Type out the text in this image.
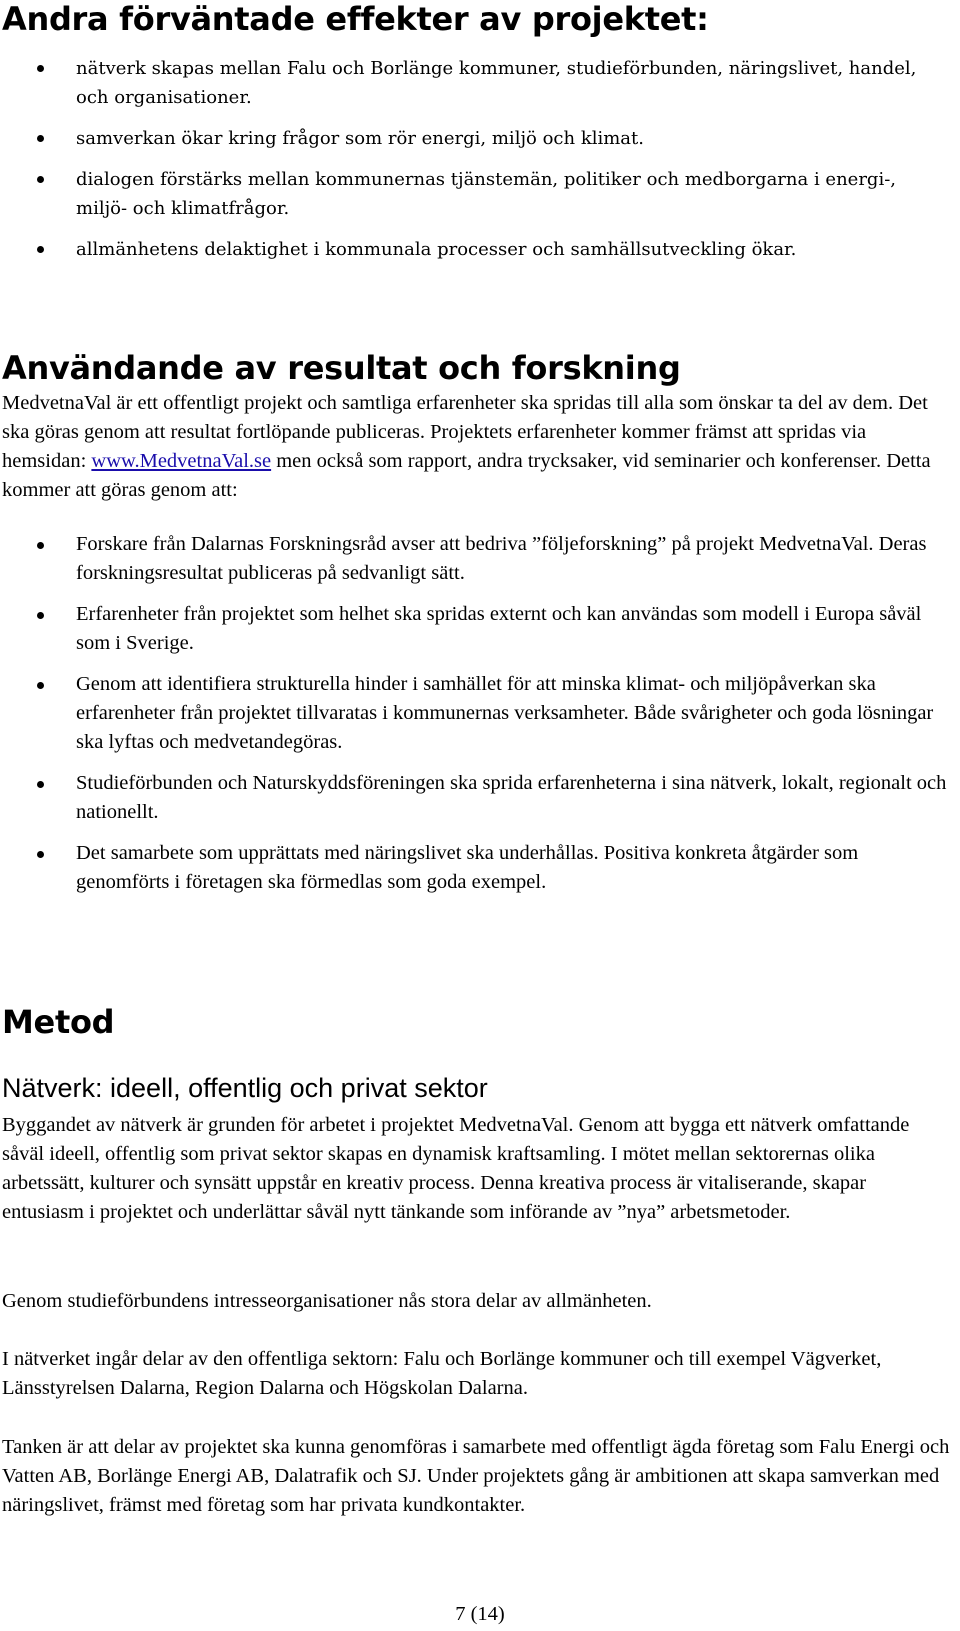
Andra förväntade effekter av projektet:
nätverk skapas mellan Falu och Borlänge kommuner, studieförbunden, näringslivet, handel, och organisationer.
samverkan ökar kring frågor som rör energi, miljö och klimat.
dialogen förstärks mellan kommunernas tjänstemän, politiker och medborgarna i energi-, miljö- och klimatfrågor.
allmänhetens delaktighet i kommunala processer och samhällsutveckling ökar.
Användande av resultat och forskning

MedvetnaVal är ett offentligt projekt och samtliga erfarenheter ska spridas till alla som önskar ta del av dem. Det ska göras genom att resultat fortlöpande publiceras. Projektets erfarenheter kommer främst att spridas via hemsidan: www.MedvetnaVal.se men också som rapport, andra trycksaker, vid seminarier och konferenser. Detta kommer att göras genom att:

Forskare från Dalarnas Forskningsråd avser att bedriva ”följeforskning” på projekt MedvetnaVal. Deras forskningsresultat publiceras på sedvanligt sätt.
Erfarenheter från projektet som helhet ska spridas externt och kan användas som modell i Europa såväl som i Sverige.
Genom att identifiera strukturella hinder i samhället för att minska klimat- och miljöpåverkan ska erfarenheter från projektet tillvaratas i kommunernas verksamheter. Både svårigheter och goda lösningar ska lyftas och medvetandegöras.
Studieförbunden och Naturskyddsföreningen ska sprida erfarenheterna i sina nätverk, lokalt, regionalt och nationellt.
Det samarbete som upprättats med näringslivet ska underhållas. Positiva konkreta åtgärder som genomförts i företagen ska förmedlas som goda exempel.
Metod
Nätverk: ideell, offentlig och privat sektor

Byggandet av nätverk är grunden för arbetet i projektet MedvetnaVal. Genom att bygga ett nätverk omfattande såväl ideell, offentlig som privat sektor skapas en dynamisk kraftsamling. I mötet mellan sektorernas olika arbetssätt, kulturer och synsätt uppstår en kreativ process. Denna kreativa process är vitaliserande, skapar entusiasm i projektet och underlättar såväl nytt tänkande som införande av ”nya” arbetsmetoder.

Genom studieförbundens intresseorganisationer nås stora delar av allmänheten.

I nätverket ingår delar av den offentliga sektorn: Falu och Borlänge kommuner och till exempel Vägverket, Länsstyrelsen Dalarna, Region Dalarna och Högskolan Dalarna.

Tanken är att delar av projektet ska kunna genomföras i samarbete med offentligt ägda företag som Falu Energi och Vatten AB, Borlänge Energi AB, Dalatrafik och SJ. Under projektets gång är ambitionen att skapa samverkan med näringslivet, främst med företag som har privata kundkontakter.

7 (14)
